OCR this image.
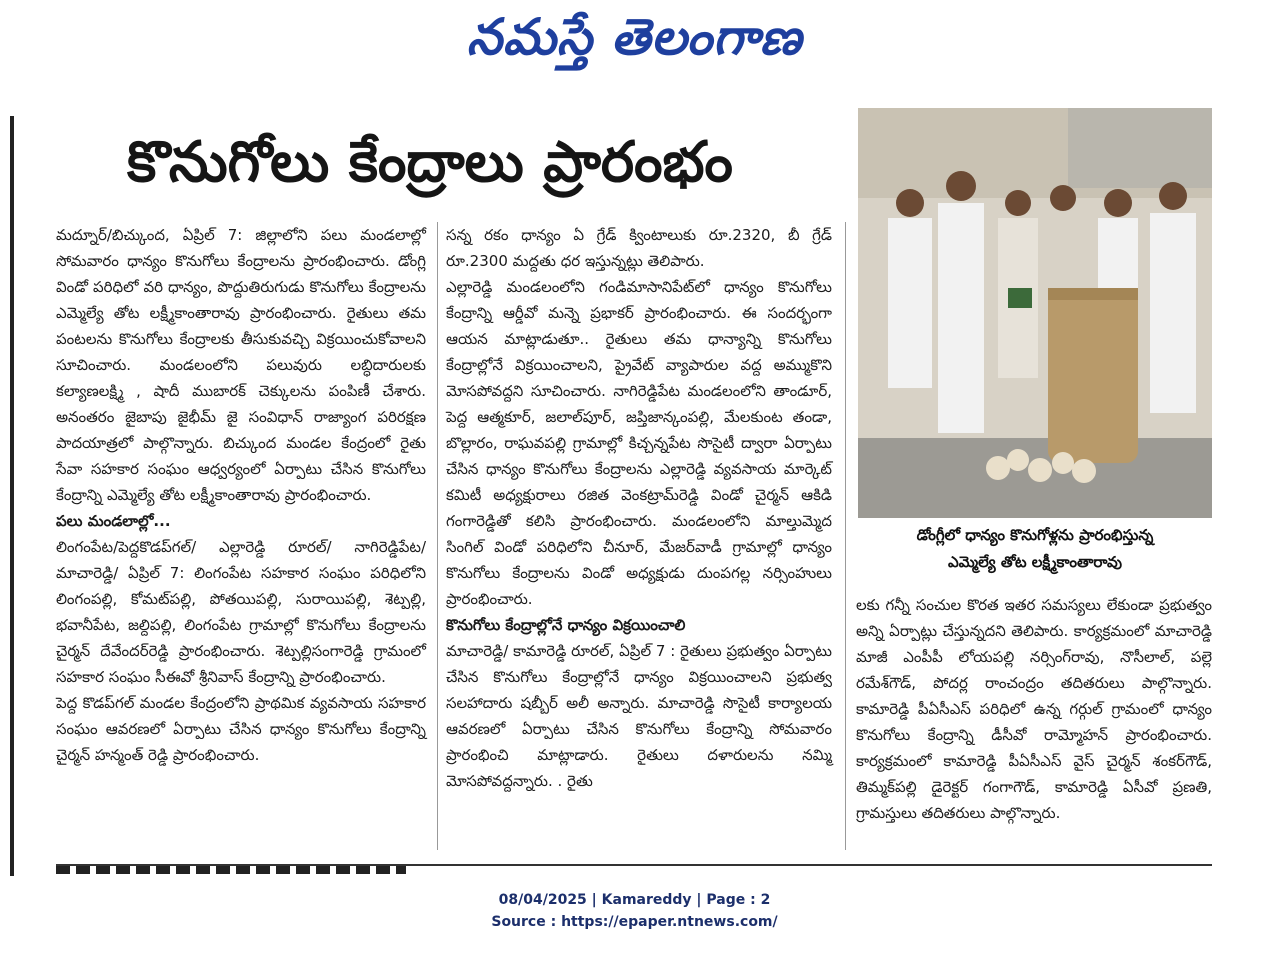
నమస్తే తెలంగాణ
కొనుగోలు కేంద్రాలు ప్రారంభం

మద్నూర్/బిచ్కుంద, ఏప్రిల్ 7: జిల్లాలోని పలు మండలాల్లో సోమవారం ధాన్యం కొనుగోలు కేంద్రాలను ప్రారంభించారు. డోంగ్లి విండో పరిధిలో వరి ధాన్యం, పొద్దుతిరుగుడు కొనుగోలు కేంద్రాలను ఎమ్మెల్యే తోట లక్ష్మీకాంతారావు ప్రారంభించారు. రైతులు తమ పంటలను కొనుగోలు కేంద్రాలకు తీసుకువచ్చి విక్రయించుకోవాలని సూచించారు. మండలంలోని పలువురు లబ్ధిదారులకు కల్యాణలక్ష్మి , షాదీ ముబారక్ చెక్కులను పంపిణీ చేశారు. అనంతరం జైబాపు జైభీమ్ జై సంవిధాన్ రాజ్యాంగ పరిరక్షణ పాదయాత్రలో పాల్గొన్నారు. బిచ్కుంద మండల కేంద్రంలో రైతు సేవా సహకార సంఘం ఆధ్వర్యంలో ఏర్పాటు చేసిన కొనుగోలు కేంద్రాన్ని ఎమ్మెల్యే తోట లక్ష్మీకాంతారావు ప్రారంభించారు.

పలు మండలాల్లో...

లింగంపేట/పెద్దకొడప్‌గల్/ ఎల్లారెడ్డి రూరల్/ నాగిరెడ్డిపేట/మాచారెడ్డి/ ఏప్రిల్ 7: లింగంపేట సహకార సంఘం పరిధిలోని లింగంపల్లి, కోమట్‌పల్లి, పోతయిపల్లి, సురాయిపల్లి, శెట్పల్లి, భవానీపేట, జల్దిపల్లి, లింగంపేట గ్రామాల్లో కొనుగోలు కేంద్రాలను చైర్మన్ దేవేందర్‌రెడ్డి ప్రారంభించారు. శెట్పల్లిసంగారెడ్డి గ్రామంలో సహకార సంఘం సీఈవో శ్రీనివాస్ కేంద్రాన్ని ప్రారంభించారు.

పెద్ద కొడప్‌గల్ మండల కేంద్రంలోని ప్రాథమిక వ్యవసాయ సహకార సంఘం ఆవరణలో ఏర్పాటు చేసిన ధాన్యం కొనుగోలు కేంద్రాన్ని చైర్మన్ హన్మంత్ రెడ్డి ప్రారంభించారు.

సన్న రకం ధాన్యం ఏ గ్రేడ్ క్వింటాలుకు రూ.2320, బీ గ్రేడ్ రూ.2300 మద్దతు ధర ఇస్తున్నట్లు తెలిపారు.

ఎల్లారెడ్డి మండలంలోని గండిమాసానిపేట్‌లో ధాన్యం కొనుగోలు కేంద్రాన్ని ఆర్డీవో మన్నె ప్రభాకర్ ప్రారంభించారు. ఈ సందర్భంగా ఆయన మాట్లాడుతూ.. రైతులు తమ ధాన్యాన్ని కొనుగోలు కేంద్రాల్లోనే విక్రయించాలని, ప్రైవేట్ వ్యాపారుల వద్ద అమ్ముకొని మోసపోవద్దని సూచించారు. నాగిరెడ్డిపేట మండలంలోని తాండూర్, పెద్ద ఆత్మకూర్, జలాల్‌పూర్, జప్తిజాన్కంపల్లి, మేలకుంట తండా, బొల్లారం, రాఘవపల్లి గ్రామాల్లో కిచ్చన్నపేట సొసైటీ ద్వారా ఏర్పాటు చేసిన ధాన్యం కొనుగోలు కేంద్రాలను ఎల్లారెడ్డి వ్యవసాయ మార్కెట్ కమిటీ అధ్యక్షురాలు రజిత వెంకట్రామ్‌రెడ్డి విండో చైర్మన్ ఆకిడి గంగారెడ్డితో కలిసి ప్రారంభించారు. మండలంలోని మాల్తుమ్మెద సింగిల్ విండో పరిధిలోని చీనూర్, మేజర్‌వాడీ గ్రామాల్లో ధాన్యం కొనుగోలు కేంద్రాలను విండో అధ్యక్షుడు దుంపగల్ల నర్సింహులు ప్రారంభించారు.

కొనుగోలు కేంద్రాల్లోనే ధాన్యం విక్రయించాలి

మాచారెడ్డి/ కామారెడ్డి రూరల్, ఏప్రిల్ 7 : రైతులు ప్రభుత్వం ఏర్పాటు చేసిన కొనుగోలు కేంద్రాల్లోనే ధాన్యం విక్రయించాలని ప్రభుత్వ సలహాదారు షబ్బీర్ అలీ అన్నారు. మాచారెడ్డి సొసైటీ కార్యాలయ ఆవరణలో ఏర్పాటు చేసిన కొనుగోలు కేంద్రాన్ని సోమవారం ప్రారంభించి మాట్లాడారు. రైతులు దళారులను నమ్మి మోసపోవద్దన్నారు. . రైతు

డోంగ్లీలో ధాన్యం కొనుగోళ్లను ప్రారంభిస్తున్న
ఎమ్మెల్యే తోట లక్ష్మీకాంతారావు

లకు గన్నీ సంచుల కొరత ఇతర సమస్యలు లేకుండా ప్రభుత్వం అన్ని ఏర్పాట్లు చేస్తున్నదని తెలిపారు. కార్యక్రమంలో మాచారెడ్డి మాజీ ఎంపీపీ లోయపల్లి నర్సింగ్‌రావు, నొసీలాల్, పల్లె రమేశ్‌గౌడ్, పోదర్ల రాంచంద్రం తదితరులు పాల్గొన్నారు. కామారెడ్డి పీఏసీఎస్ పరిధిలో ఉన్న గర్గుల్ గ్రామంలో ధాన్యం కొనుగోలు కేంద్రాన్ని డీసీవో రామ్మోహన్ ప్రారంభించారు. కార్యక్రమంలో కామారెడ్డి పీఏసీఎస్ వైస్ చైర్మన్ శంకర్‌గౌడ్, తిమ్మక్‌పల్లి డైరెక్టర్ గంగాగౌడ్, కామారెడ్డి ఏసీవో ప్రణతి, గ్రామస్తులు తదితరులు పాల్గొన్నారు.

08/04/2025 | Kamareddy | Page : 2
Source : https://epaper.ntnews.com/
